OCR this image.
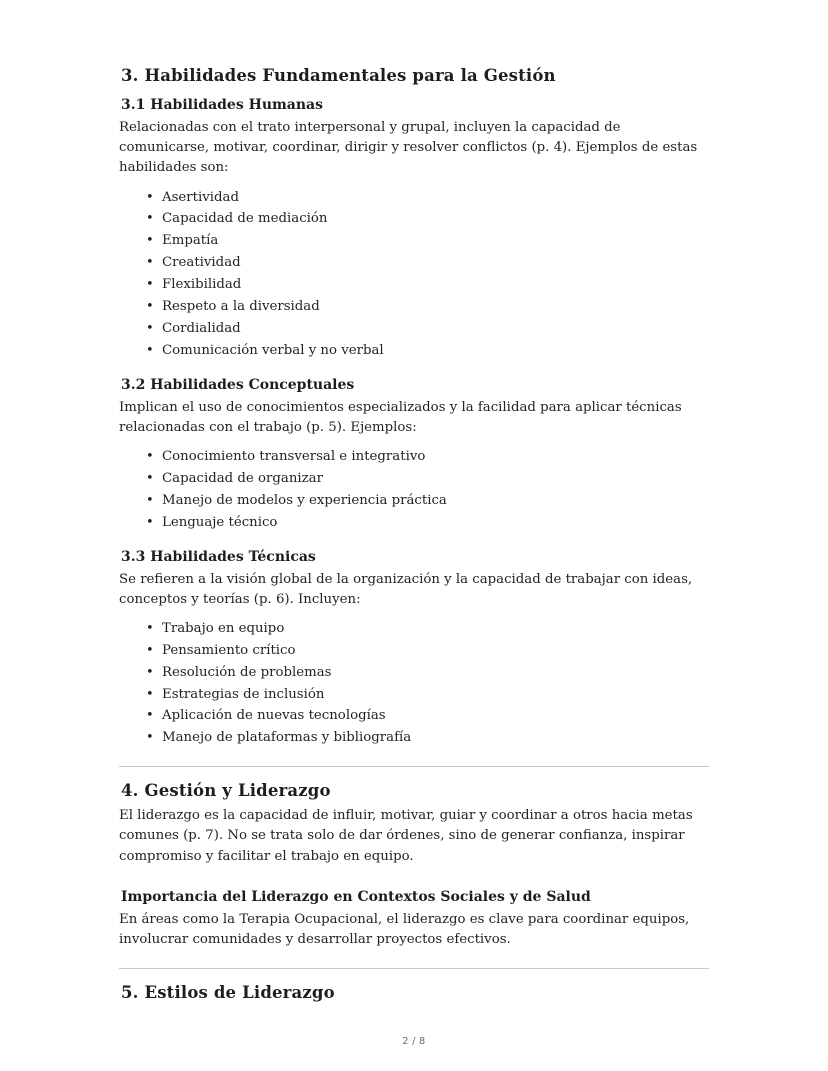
3. Habilidades Fundamentales para la Gestión
3.1 Habilidades Humanas

Relacionadas con el trato interpersonal y grupal, incluyen la capacidad de comunicarse, motivar, coordinar, dirigir y resolver conflictos (p. 4). Ejemplos de estas habilidades son:

• Asertividad
• Capacidad de mediación
• Empatía
• Creatividad
• Flexibilidad
• Respeto a la diversidad
• Cordialidad
• Comunicación verbal y no verbal
3.2 Habilidades Conceptuales

Implican el uso de conocimientos especializados y la facilidad para aplicar técnicas relacionadas con el trabajo (p. 5). Ejemplos:

• Conocimiento transversal e integrativo
• Capacidad de organizar
• Manejo de modelos y experiencia práctica
• Lenguaje técnico
3.3 Habilidades Técnicas

Se refieren a la visión global de la organización y la capacidad de trabajar con ideas, conceptos y teorías (p. 6). Incluyen:

• Trabajo en equipo
• Pensamiento crítico
• Resolución de problemas
• Estrategias de inclusión
• Aplicación de nuevas tecnologías
• Manejo de plataformas y bibliografía
4. Gestión y Liderazgo

El liderazgo es la capacidad de influir, motivar, guiar y coordinar a otros hacia metas comunes (p. 7). No se trata solo de dar órdenes, sino de generar confianza, inspirar compromiso y facilitar el trabajo en equipo.

Importancia del Liderazgo en Contextos Sociales y de Salud

En áreas como la Terapia Ocupacional, el liderazgo es clave para coordinar equipos, involucrar comunidades y desarrollar proyectos efectivos.

5. Estilos de Liderazgo
2 / 8
